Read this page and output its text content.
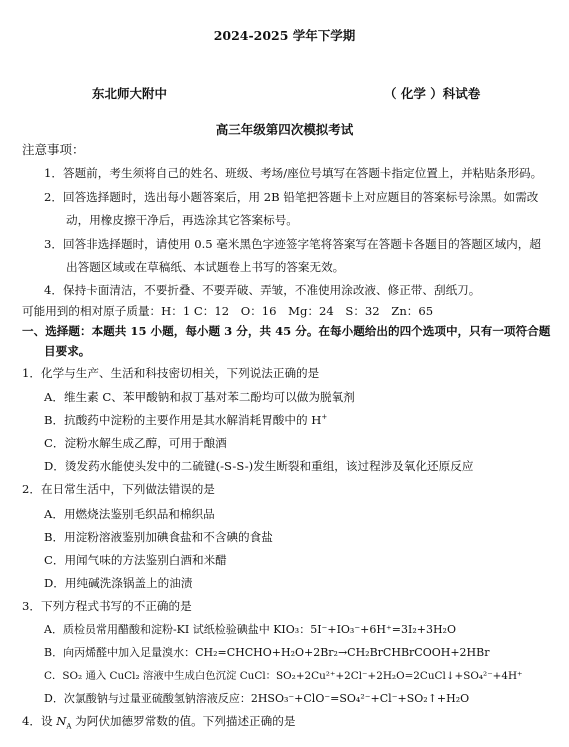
2024-2025 学年下学期
东北师大附中	（ 化学 ）科试卷
高三年级第四次模拟考试
注意事项：
1．答题前，考生须将自己的姓名、班级、考场/座位号填写在答题卡指定位置上，并粘贴条形码。
2．回答选择题时，选出每小题答案后，用 2B 铅笔把答题卡上对应题目的答案标号涂黑。如需改
动，用橡皮擦干净后，再选涂其它答案标号。
3．回答非选择题时，请使用 0.5 毫米黑色字迹签字笔将答案写在答题卡各题目的答题区域内，超
出答题区域或在草稿纸、本试题卷上书写的答案无效。
4．保持卡面清洁，不要折叠、不要弄破、弄皱，不准使用涂改液、修正带、刮纸刀。
可能用到的相对原子质量：H：1 C：12　O：16　Mg：24　S：32　Zn：65
一、选择题：本题共 15 小题，每小题 3 分，共 45 分。在每小题给出的四个选项中，只有一项符合题
目要求。
1．化学与生产、生活和科技密切相关，下列说法正确的是
A．维生素 C、苯甲酸钠和叔丁基对苯二酚均可以做为脱氧剂
B．抗酸药中淀粉的主要作用是其水解消耗胃酸中的 H+
C．淀粉水解生成乙醇，可用于酿酒
D．烫发药水能使头发中的二硫键(-S-S-)发生断裂和重组，该过程涉及氧化还原反应
2．在日常生活中，下列做法错误的是
A．用燃烧法鉴别毛织品和棉织品
B．用淀粉溶液鉴别加碘食盐和不含碘的食盐
C．用闻气味的方法鉴别白酒和米醋
D．用纯碱洗涤锅盖上的油渍
3．下列方程式书写的不正确的是
A．质检员常用醋酸和淀粉-KI 试纸检验碘盐中 KIO₃：5I⁻+IO₃⁻+6H⁺=3I₂+3H₂O
B．向丙烯醛中加入足量溴水：CH₂=CHCHO+H₂O+2Br₂→CH₂BrCHBrCOOH+2HBr
C．SO₂ 通入 CuCl₂ 溶液中生成白色沉淀 CuCl：SO₂+2Cu²⁺+2Cl⁻+2H₂O=2CuCl↓+SO₄²⁻+4H⁺
D．次氯酸钠与过量亚硫酸氢钠溶液反应：2HSO₃⁻+ClO⁻=SO₄²⁻+Cl⁻+SO₂↑+H₂O
4．设 $N_A$ 为阿伏加德罗常数的值。下列描述正确的是
